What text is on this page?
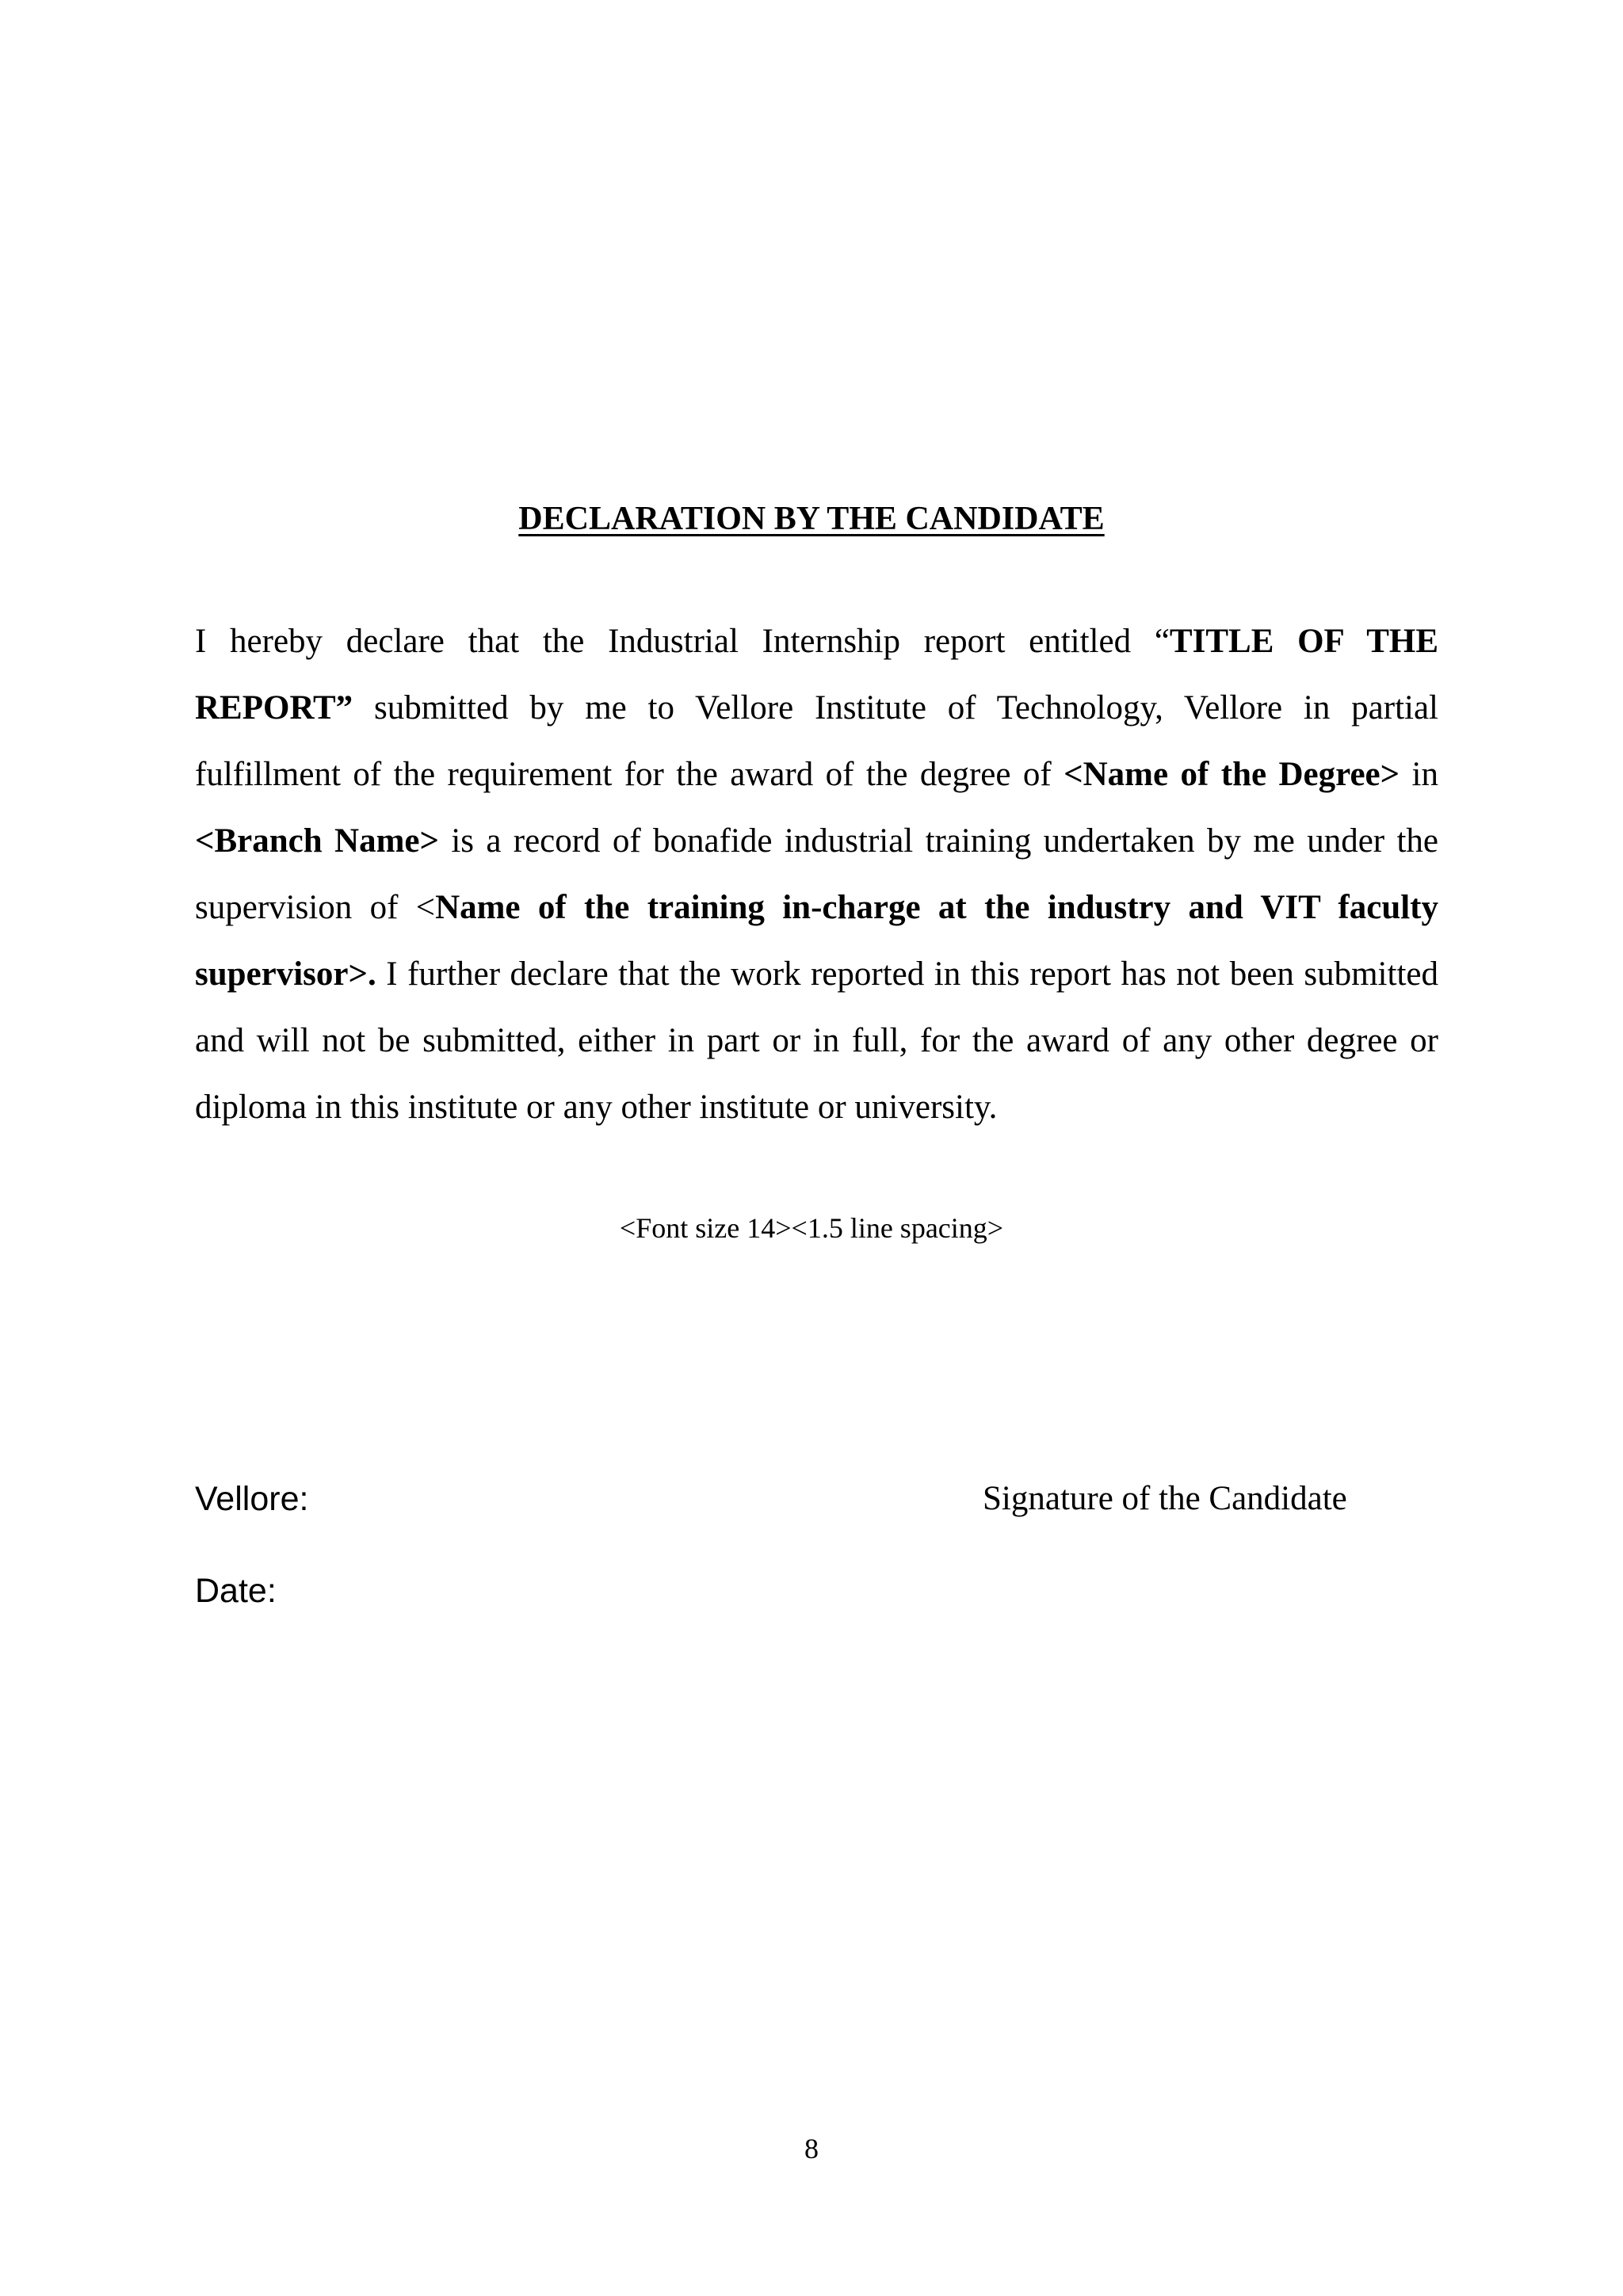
DECLARATION BY THE CANDIDATE

I hereby declare that the Industrial Internship report entitled “TITLE OF THE REPORT” submitted by me to Vellore Institute of Technology, Vellore in partial fulfillment of the requirement for the award of the degree of <Name of the Degree> in <Branch Name> is a record of bonafide industrial training undertaken by me under the supervision of <Name of the training in-charge at the industry and VIT faculty supervisor>. I further declare that the work reported in this report has not been submitted and will not be submitted, either in part or in full, for the award of any other degree or diploma in this institute or any other institute or university.

<Font size 14><1.5 line spacing>

Vellore:	Signature of the Candidate

Date:

8
